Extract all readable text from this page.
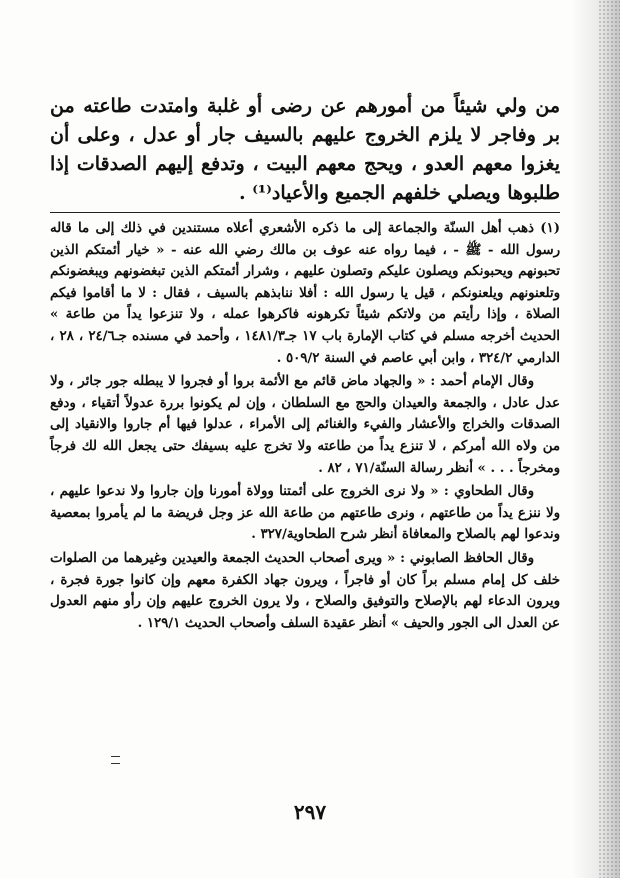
من ولي شيئاً من أمورهم عن رضى أو غلبة وامتدت طاعته من بر وفاجر لا يلزم الخروج عليهم بالسيف جار أو عدل ، وعلى أن يغزوا معهم العدو ، ويحج معهم البيت ، وتدفع إليهم الصدقات إذا طلبوها ويصلي خلفهم الجميع والأعياد⁽¹⁾ .

(١) ذهب أهل السنّة والجماعة إلى ما ذكره الأشعري أعلاه مستندين في ذلك إلى ما قاله رسول الله - ﷺ - ، فيما رواه عنه عوف بن مالك رضي الله عنه - « خيار أئمتكم الذين تحبونهم ويحبونكم ويصلون عليكم وتصلون عليهم ، وشرار أئمتكم الذين تبغضونهم ويبغضونكم وتلعنونهم ويلعنونكم ، قيل يا رسول الله : أفلا ننابذهم بالسيف ، فقال : لا ما أقاموا فيكم الصلاة ، وإذا رأيتم من ولاتكم شيئاً تكرهونه فاكرهوا عمله ، ولا تنزعوا يداً من طاعة » الحديث أخرجه مسلم في كتاب الإمارة باب ١٧ جـ١٤٨١/٣ ، وأحمد في مسنده جـ٢٤/٦ ، ٢٨ ، الدارمي ٣٢٤/٢ ، وابن أبي عاصم في السنة ٥٠٩/٢ .

وقال الإمام أحمد : « والجهاد ماض قائم مع الأئمة بروا أو فجروا لا يبطله جور جائر ، ولا عدل عادل ، والجمعة والعيدان والحج مع السلطان ، وإن لم يكونوا بررة عدولاً أتقياء ، ودفع الصدقات والخراج والأعشار والفيء والغنائم إلى الأمراء ، عدلوا فيها أم جاروا والانقياد إلى من ولاه الله أمركم ، لا تنزع يداً من طاعته ولا تخرج عليه بسيفك حتى يجعل الله لك فرجاً ومخرجاً . . . » أنظر رسالة السنّة/٧١ ، ٨٢ .

وقال الطحاوي : « ولا نرى الخروج على أئمتنا وولاة أمورنا وإن جاروا ولا ندعوا عليهم ، ولا ننزع يداً من طاعتهم ، ونرى طاعتهم من طاعة الله عز وجل فريضة ما لم يأمروا بمعصية وندعوا لهم بالصلاح والمعافاة أنظر شرح الطحاوية/٣٢٧ .

وقال الحافظ الصابوني : « ويرى أصحاب الحديث الجمعة والعيدين وغيرهما من الصلوات خلف كل إمام مسلم براً كان أو فاجراً ، ويرون جهاد الكفرة معهم وإن كانوا جورة فجرة ، ويرون الدعاء لهم بالإصلاح والتوفيق والصلاح ، ولا يرون الخروج عليهم وإن رأو منهم العدول عن العدل الى الجور والحيف » أنظر عقيدة السلف وأصحاب الحديث ١٢٩/١ .

٢٩٧
